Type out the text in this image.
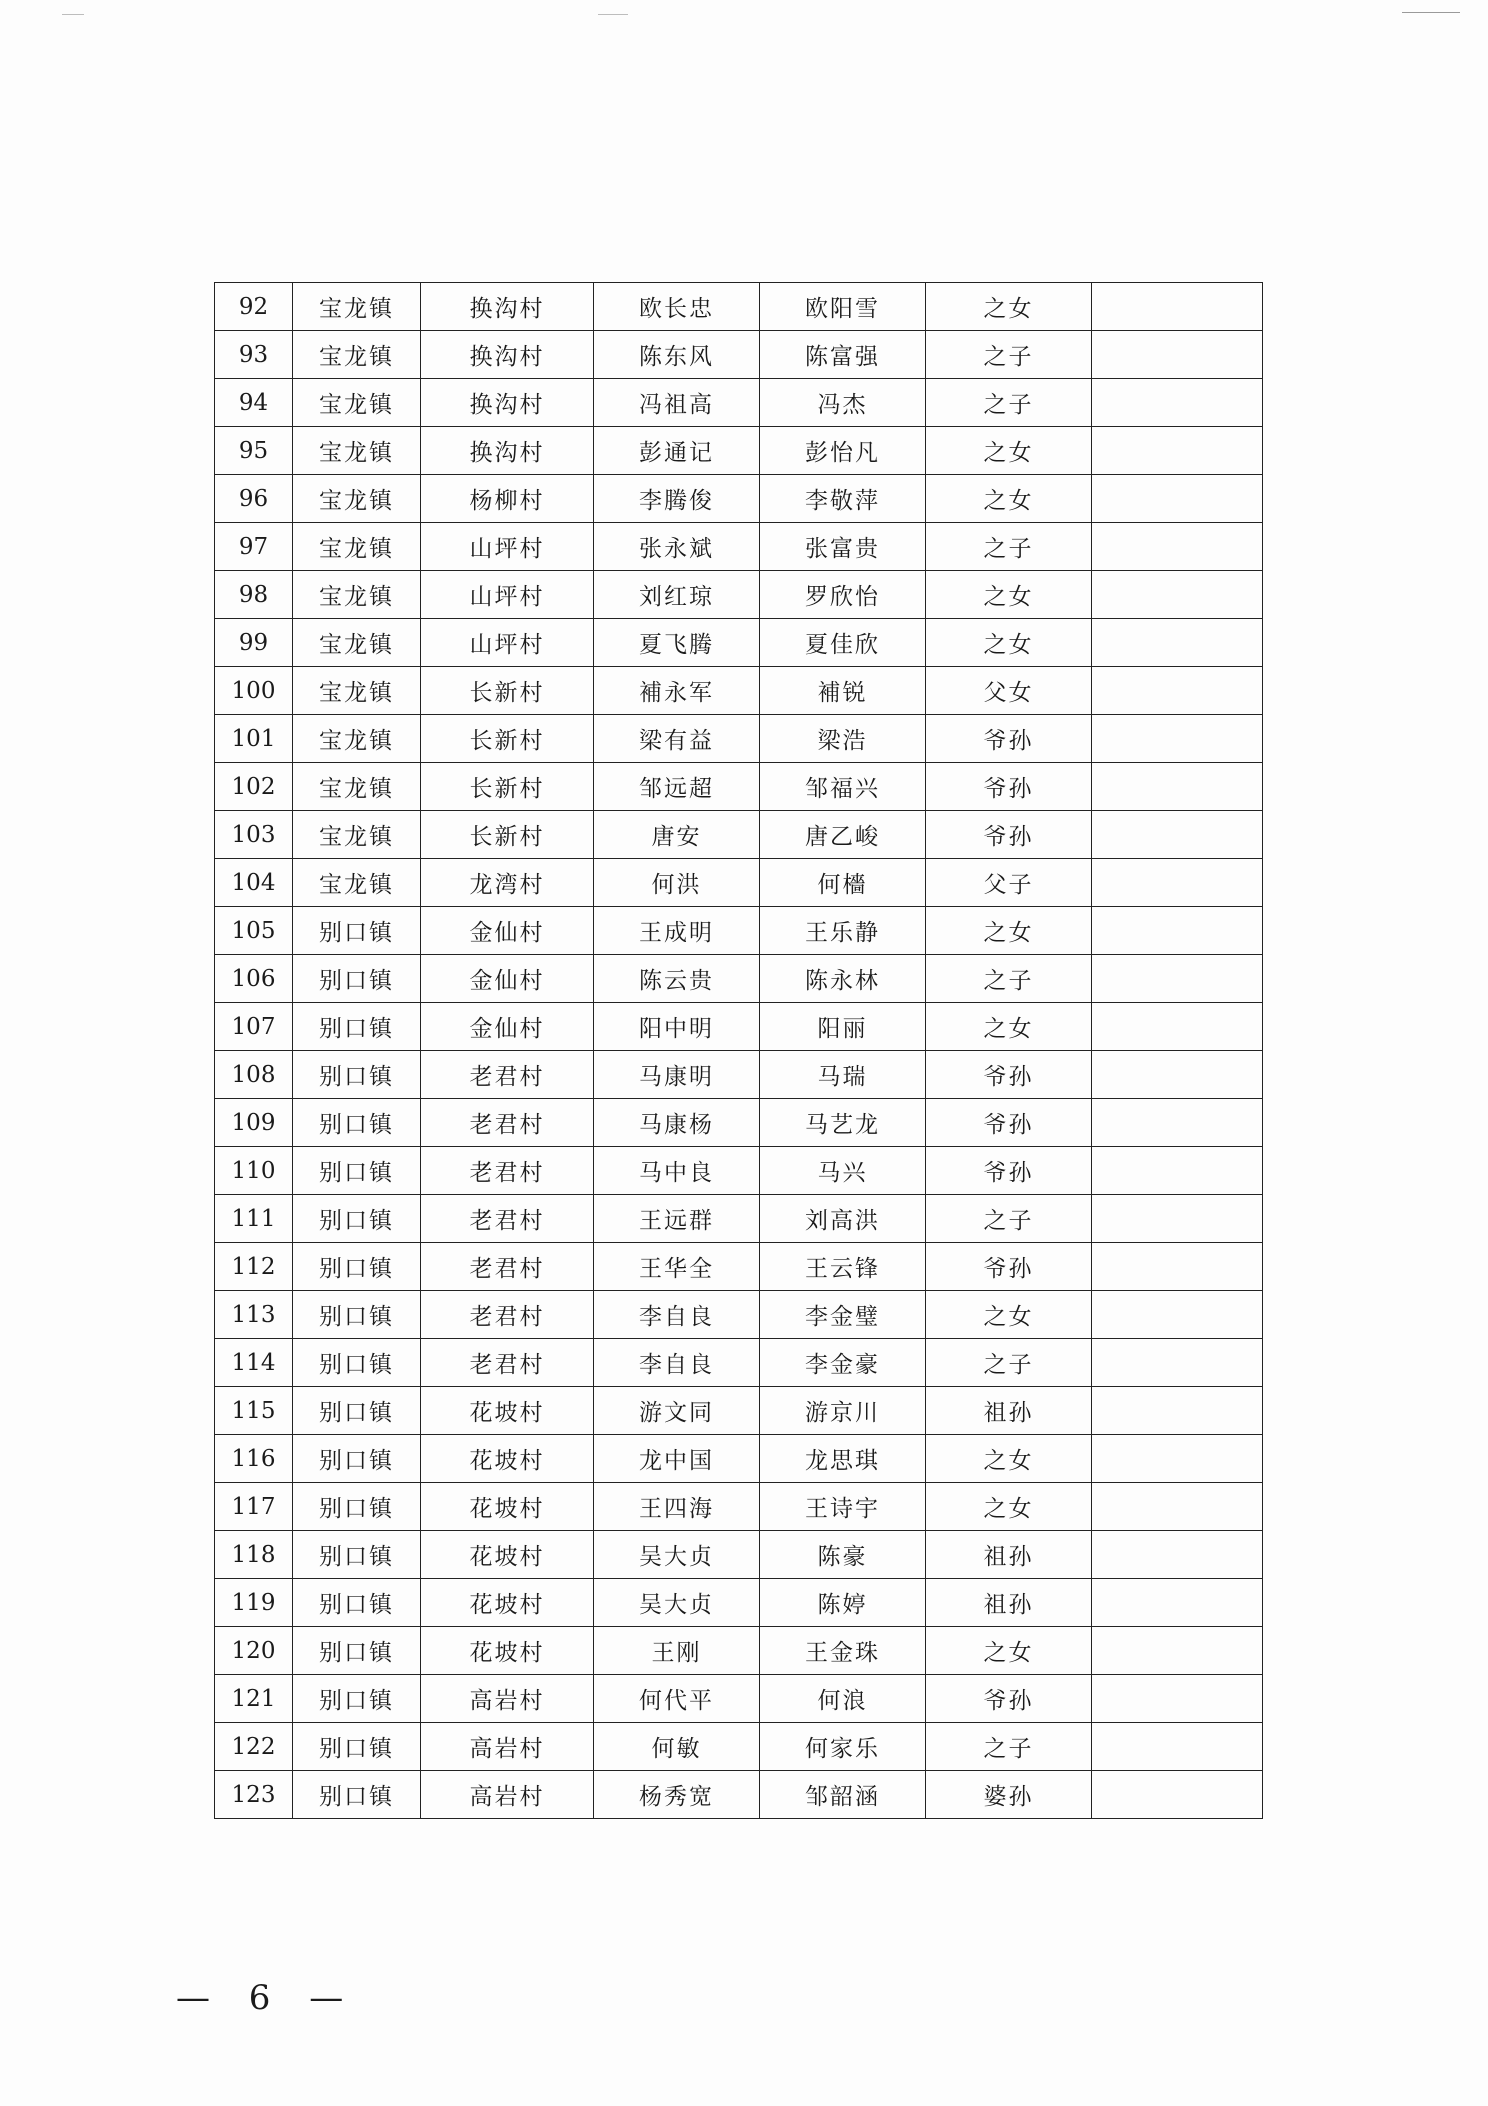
92	宝龙镇	换沟村	欧长忠	欧阳雪	之女	
93	宝龙镇	换沟村	陈东风	陈富强	之子	
94	宝龙镇	换沟村	冯祖高	冯杰	之子	
95	宝龙镇	换沟村	彭通记	彭怡凡	之女	
96	宝龙镇	杨柳村	李腾俊	李敬萍	之女	
97	宝龙镇	山坪村	张永斌	张富贵	之子	
98	宝龙镇	山坪村	刘红琼	罗欣怡	之女	
99	宝龙镇	山坪村	夏飞腾	夏佳欣	之女	
100	宝龙镇	长新村	補永军	補锐	父女	
101	宝龙镇	长新村	梁有益	梁浩	爷孙	
102	宝龙镇	长新村	邹远超	邹福兴	爷孙	
103	宝龙镇	长新村	唐安	唐乙峻	爷孙	
104	宝龙镇	龙湾村	何洪	何檣	父子	
105	别口镇	金仙村	王成明	王乐静	之女	
106	别口镇	金仙村	陈云贵	陈永林	之子	
107	别口镇	金仙村	阳中明	阳丽	之女	
108	别口镇	老君村	马康明	马瑞	爷孙	
109	别口镇	老君村	马康杨	马艺龙	爷孙	
110	别口镇	老君村	马中良	马兴	爷孙	
111	别口镇	老君村	王远群	刘高洪	之子	
112	别口镇	老君村	王华全	王云锋	爷孙	
113	别口镇	老君村	李自良	李金璧	之女	
114	别口镇	老君村	李自良	李金豪	之子	
115	别口镇	花坡村	游文同	游京川	祖孙	
116	别口镇	花坡村	龙中国	龙思琪	之女	
117	别口镇	花坡村	王四海	王诗宇	之女	
118	别口镇	花坡村	吴大贞	陈豪	祖孙	
119	别口镇	花坡村	吴大贞	陈婷	祖孙	
120	别口镇	花坡村	王刚	王金珠	之女	
121	别口镇	高岩村	何代平	何浪	爷孙	
122	别口镇	高岩村	何敏	何家乐	之子	
123	别口镇	高岩村	杨秀宽	邹韶涵	婆孙	
— 6 —
